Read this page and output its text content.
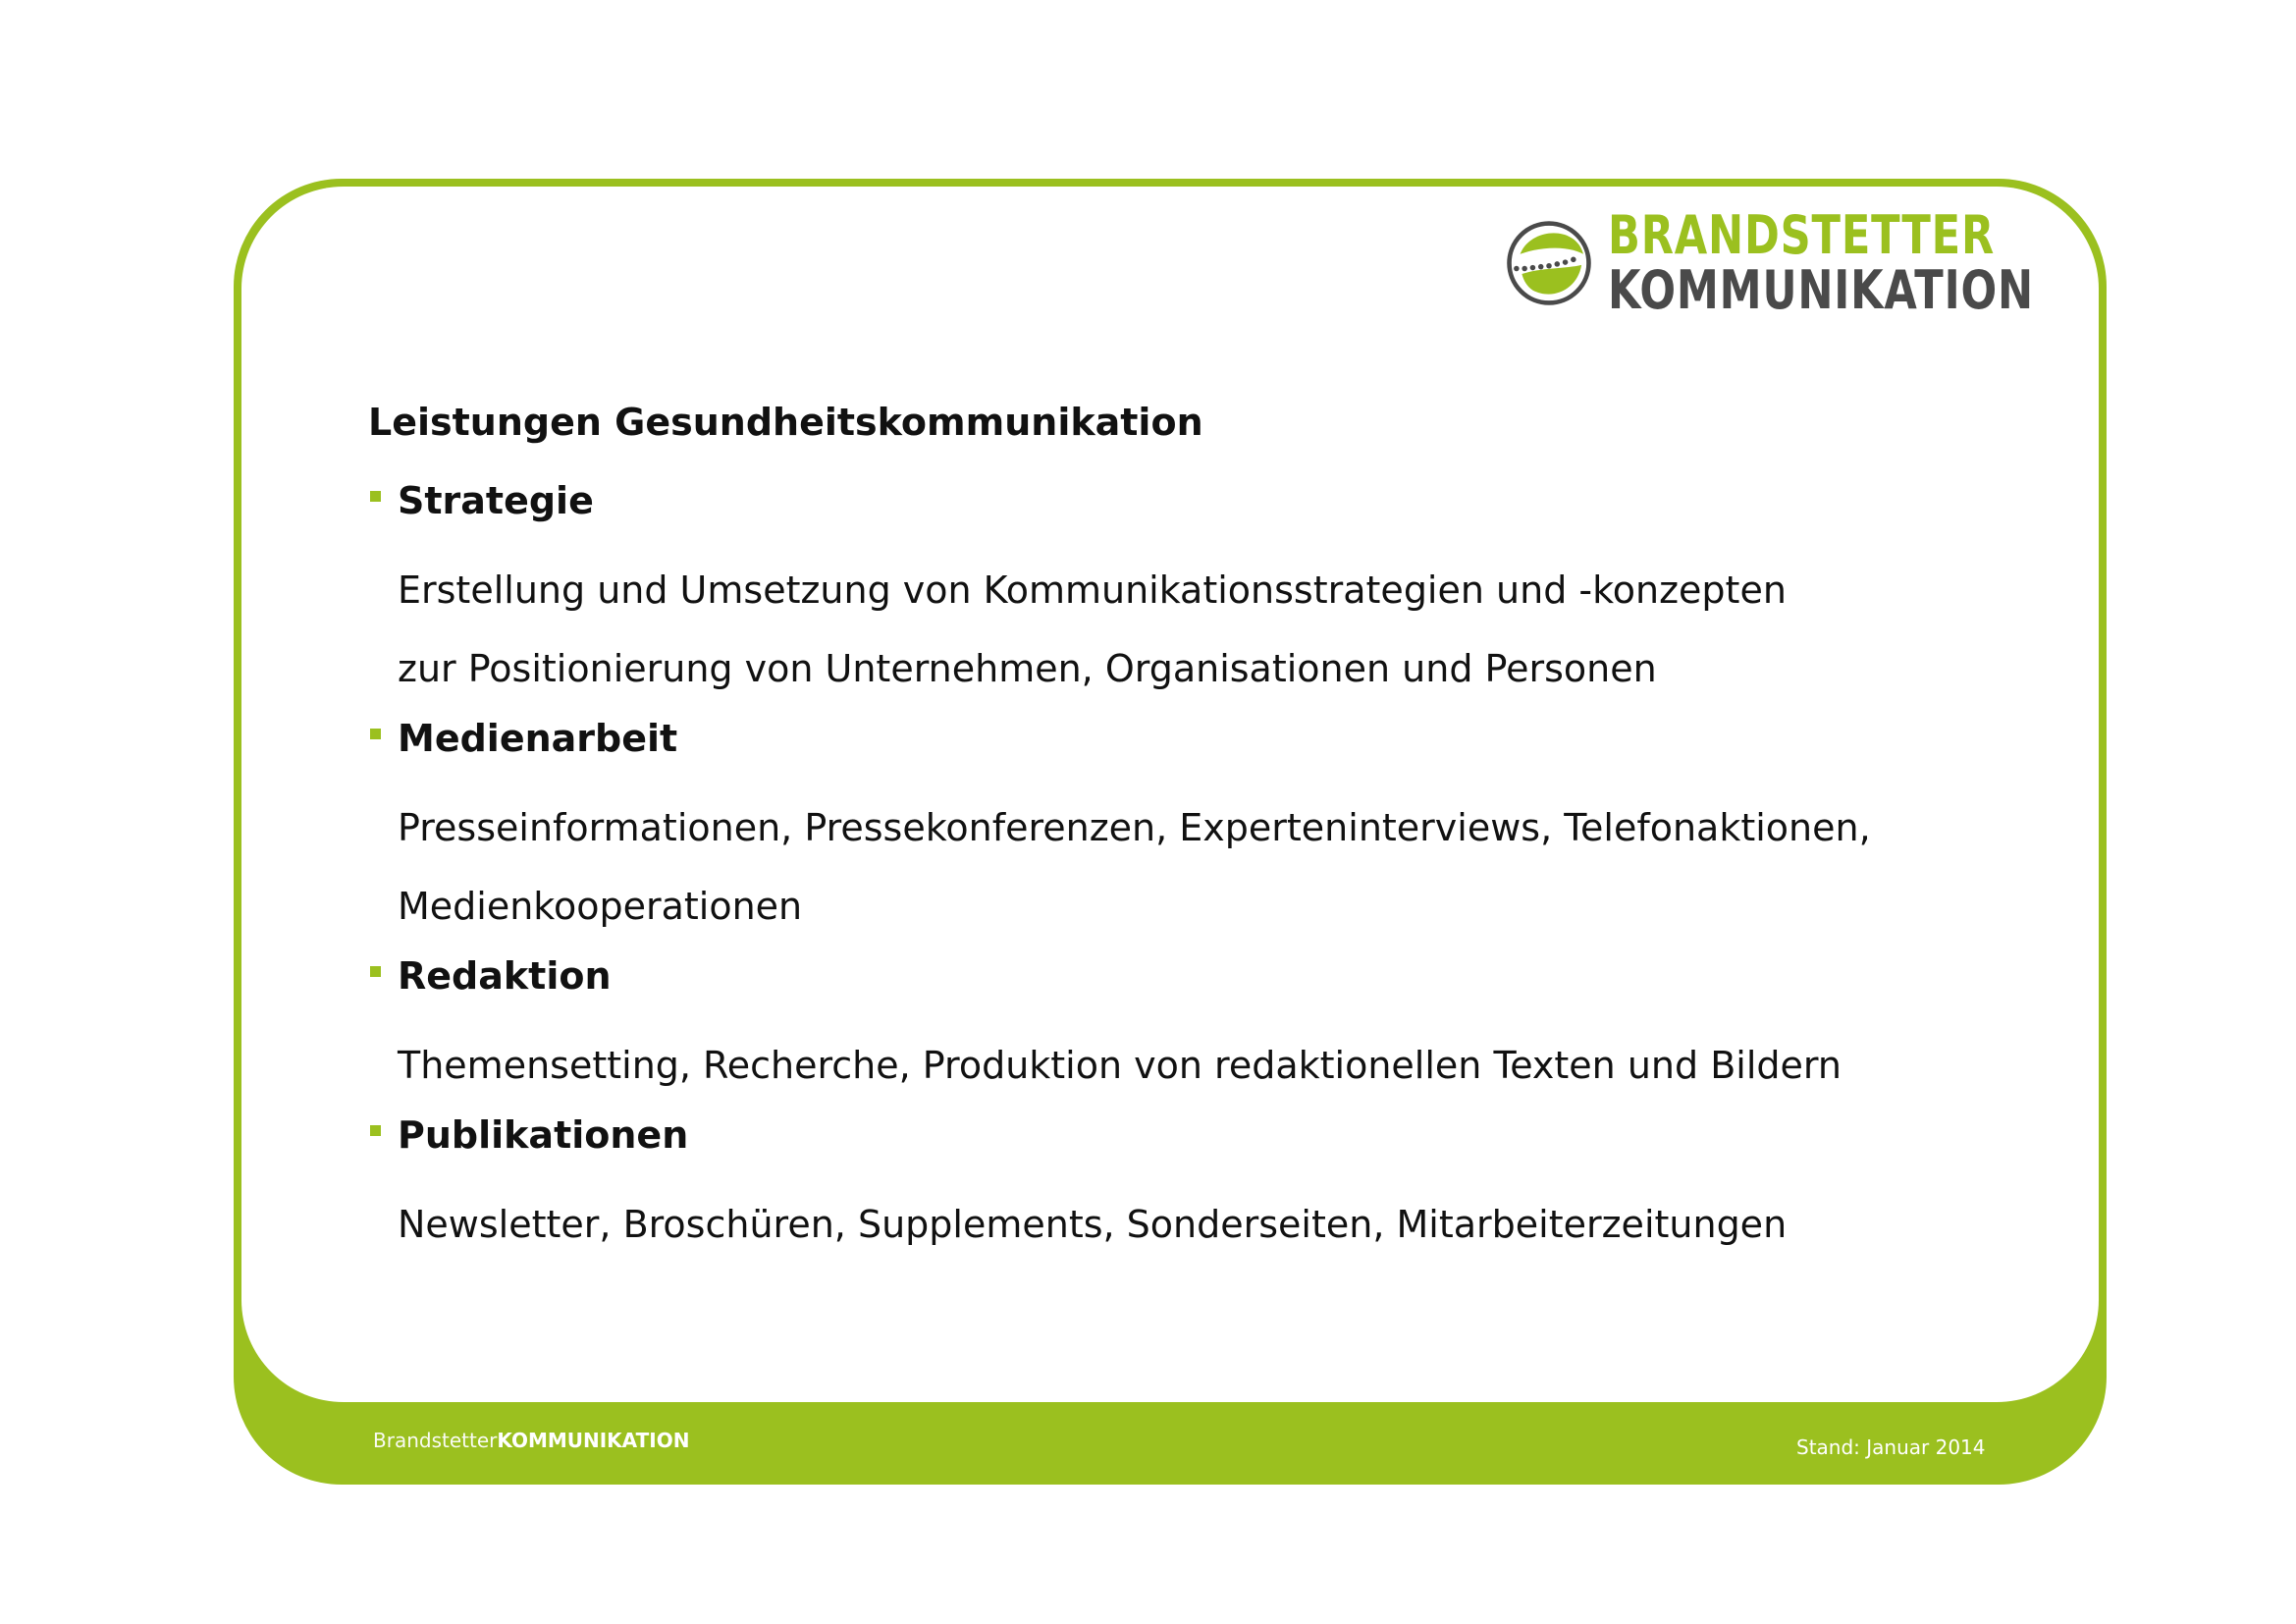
BRANDSTETTER
KOMMUNIKATION
Leistungen Gesundheitskommunikation
Strategie
Erstellung und Umsetzung von Kommunikationsstrategien und -konzepten
zur Positionierung von Unternehmen, Organisationen und Personen
Medienarbeit
Presseinformationen, Pressekonferenzen, Experteninterviews, Telefonaktionen,
Medienkooperationen
Redaktion
Themensetting, Recherche, Produktion von redaktionellen Texten und Bildern
Publikationen
Newsletter, Broschüren, Supplements, Sonderseiten, Mitarbeiterzeitungen
BrandstetterKOMMUNIKATION	Stand: Januar 2014
